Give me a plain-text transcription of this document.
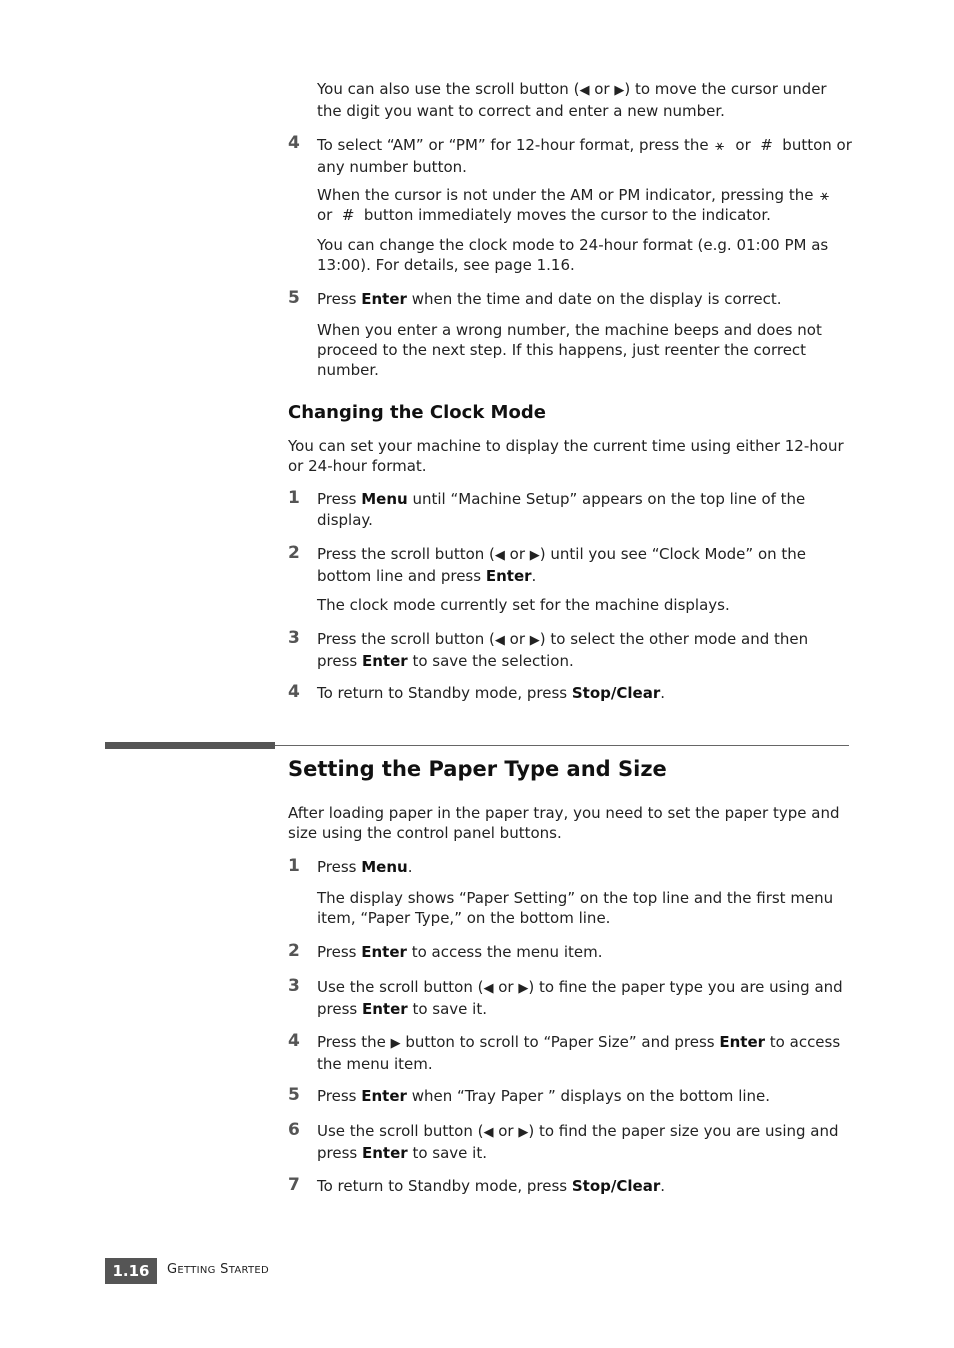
You can also use the scroll button (◀ or ▶) to move the cursor under the digit you want to correct and enter a new number.
4 To select “AM” or “PM” for 12-hour format, press the ⚹ or # button or any number button.
When the cursor is not under the AM or PM indicator, pressing the ⚹
or # button immediately moves the cursor to the indicator.
You can change the clock mode to 24-hour format (e.g. 01:00 PM as 13:00). For details, see page 1.16.
5 Press Enter when the time and date on the display is correct.
When you enter a wrong number, the machine beeps and does not proceed to the next step. If this happens, just reenter the correct number.
Changing the Clock Mode
You can set your machine to display the current time using either 12-hour or 24-hour format.
1 Press Menu until “Machine Setup” appears on the top line of the display.
2 Press the scroll button (◀ or ▶) until you see “Clock Mode” on the bottom line and press Enter.
The clock mode currently set for the machine displays.
3 Press the scroll button (◀ or ▶) to select the other mode and then press Enter to save the selection.
4 To return to Standby mode, press Stop/Clear.
Setting the Paper Type and Size
After loading paper in the paper tray, you need to set the paper type and size using the control panel buttons.
1 Press Menu.
The display shows “Paper Setting” on the top line and the first menu item, “Paper Type,” on the bottom line.
2 Press Enter to access the menu item.
3 Use the scroll button (◀ or ▶) to fine the paper type you are using and press Enter to save it.
4 Press the ▶ button to scroll to “Paper Size” and press Enter to access the menu item.
5 Press Enter when “Tray Paper ” displays on the bottom line.
6 Use the scroll button (◀ or ▶) to find the paper size you are using and press Enter to save it.
7 To return to Standby mode, press Stop/Clear.
1.16	GETTING STARTED
